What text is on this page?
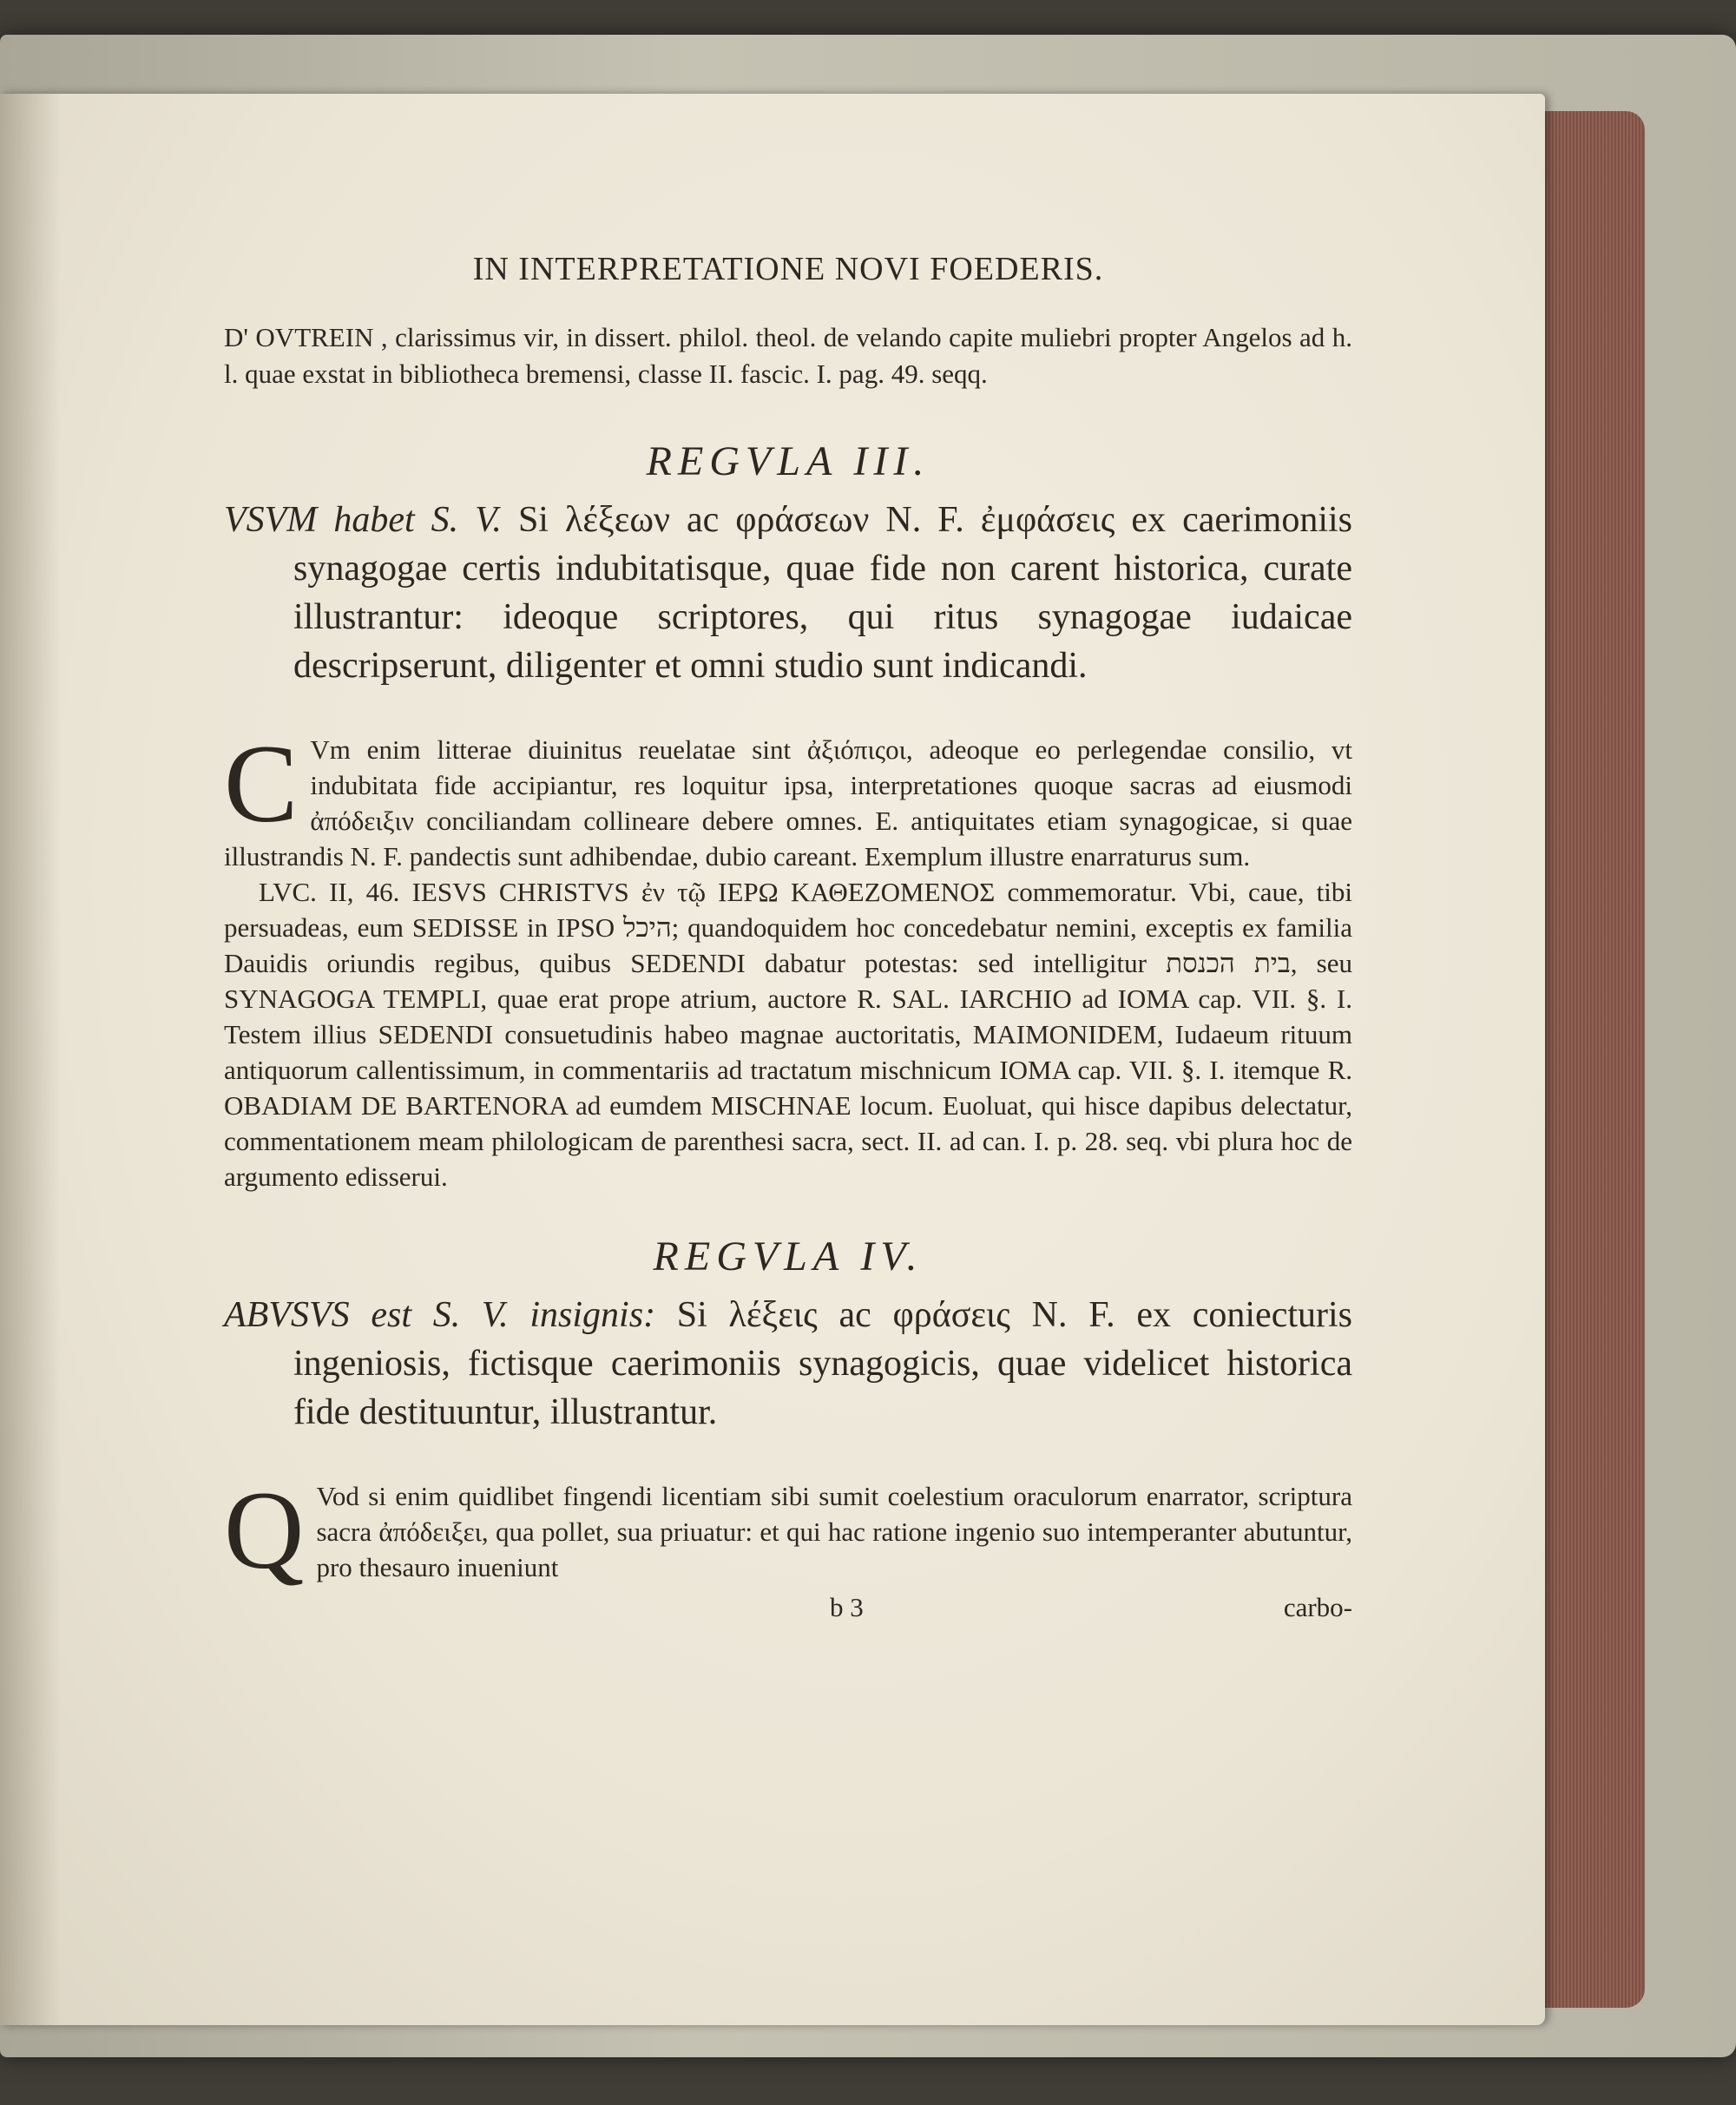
IN INTERPRETATIONE NOVI FOEDERIS.

D' OVTREIN , clarissimus vir, in dissert. philol. theol. de velando capite muliebri propter Angelos ad h. l. quae exstat in bibliotheca bremensi, classe II. fascic. I. pag. 49. seqq.

REGVLA III.

VSVM habet S. V. Si λέξεων ac φράσεων N. F. ἐμφάσεις ex caerimoniis synagogae certis indubitatisque, quae fide non carent historica, curate illustrantur: ideoque scriptores, qui ritus synagogae iudaicae descripserunt, diligenter et omni studio sunt indicandi.

C Vm enim litterae diuinitus reuelatae sint ἀξιόπιςοι, adeoque eo perlegendae consilio, vt indubitata fide accipiantur, res loquitur ipsa, interpretationes quoque sacras ad eiusmodi ἀπόδειξιν conciliandam collineare debere omnes. E. antiquitates etiam synagogicae, si quae illustrandis N. F. pandectis sunt adhibendae, dubio careant. Exemplum illustre enarraturus sum.

LVC. II, 46. IESVS CHRISTVS ἐν τῷ ΙΕΡΩ ΚΑΘΕΖΟΜΕΝΟΣ commemoratur. Vbi, caue, tibi persuadeas, eum SEDISSE in IPSO היכל; quandoquidem hoc concedebatur nemini, exceptis ex familia Dauidis oriundis regibus, quibus SEDENDI dabatur potestas: sed intelligitur בית הכנסת, seu SYNAGOGA TEMPLI, quae erat prope atrium, auctore R. SAL. IARCHIO ad IOMA cap. VII. §. I. Testem illius SEDENDI consuetudinis habeo magnae auctoritatis, MAIMONIDEM, Iudaeum rituum antiquorum callentissimum, in commentariis ad tractatum mischnicum IOMA cap. VII. §. I. itemque R. OBADIAM DE BARTENORA ad eumdem MISCHNAE locum. Euoluat, qui hisce dapibus delectatur, commentationem meam philologicam de parenthesi sacra, sect. II. ad can. I. p. 28. seq. vbi plura hoc de argumento edisserui.

REGVLA IV.

ABVSVS est S. V. insignis: Si λέξεις ac φράσεις N. F. ex coniecturis ingeniosis, fictisque caerimoniis synagogicis, quae videlicet historica fide destituuntur, illustrantur.

Q Vod si enim quidlibet fingendi licentiam sibi sumit coelestium oraculorum enarrator, scriptura sacra ἀπόδειξει, qua pollet, sua priuatur: et qui hac ratione ingenio suo intemperanter abutuntur, pro thesauro inueniunt

b 3	carbo-
